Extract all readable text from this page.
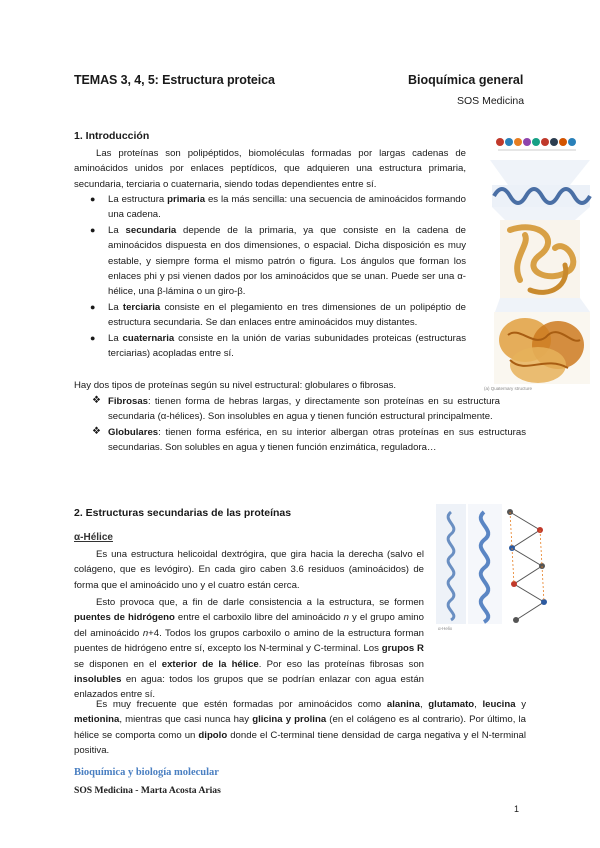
TEMAS 3, 4, 5: Estructura proteica	Bioquímica general
SOS Medicina
1. Introducción
Las proteínas son polipéptidos, biomoléculas formadas por largas cadenas de aminoácidos unidos por enlaces peptídicos, que adquieren una estructura primaria, secundaria, terciaria o cuaternaria, siendo todas dependientes entre sí.
● La estructura primaria es la más sencilla: una secuencia de aminoácidos formando una cadena.
● La secundaria depende de la primaria, ya que consiste en la cadena de aminoácidos dispuesta en dos dimensiones, o espacial. Dicha disposición es muy estable, y siempre forma el mismo patrón o figura. Los ángulos que forman los enlaces phi y psi vienen dados por los aminoácidos que se unan. Puede ser una α-hélice, una β-lámina o un giro-β.
● La terciaria consiste en el plegamiento en tres dimensiones de un polipéptio de estructura secundaria. Se dan enlaces entre aminoácidos muy distantes.
● La cuaternaria consiste en la unión de varias subunidades proteicas (estructuras terciarias) acopladas entre sí.
Hay dos tipos de proteínas según su nivel estructural: globulares o fibrosas.
❖ Fibrosas: tienen forma de hebras largas, y directamente son proteínas en su estructura secundaria (α-hélices). Son insolubles en agua y tienen función estructural principalmente.
❖ Globulares: tienen forma esférica, en su interior albergan otras proteínas en sus estructuras secundarias. Son solubles en agua y tienen función enzimática, reguladora…
(a) Quaternary structure
2. Estructuras secundarias de las proteínas
α-Hélice
Es una estructura helicoidal dextrógira, que gira hacia la derecha (salvo el colágeno, que es levógiro). En cada giro caben 3.6 residuos (aminoácidos) de forma que el aminoácido uno y el cuatro están cerca.
Esto provoca que, a fin de darle consistencia a la estructura, se formen puentes de hidrógeno entre el carboxilo libre del aminoácido n y el grupo amino del aminoácido n+4. Todos los grupos carboxilo o amino de la estructura forman puentes de hidrógeno entre sí, excepto los N-terminal y C-terminal. Los grupos R se disponen en el exterior de la hélice. Por eso las proteínas fibrosas son insolubles en agua: todos los grupos que se podrían enlazar con agua están enlazados entre sí.
Es muy frecuente que estén formadas por aminoácidos como alanina, glutamato, leucina y metionina, mientras que casi nunca hay glicina y prolina (en el colágeno es al contrario). Por último, la hélice se comporta como un dipolo donde el C-terminal tiene densidad de carga negativa y el N-terminal positiva.
α-Helix
Bioquímica y biología molecular
SOS Medicina - Marta Acosta Arias
1
